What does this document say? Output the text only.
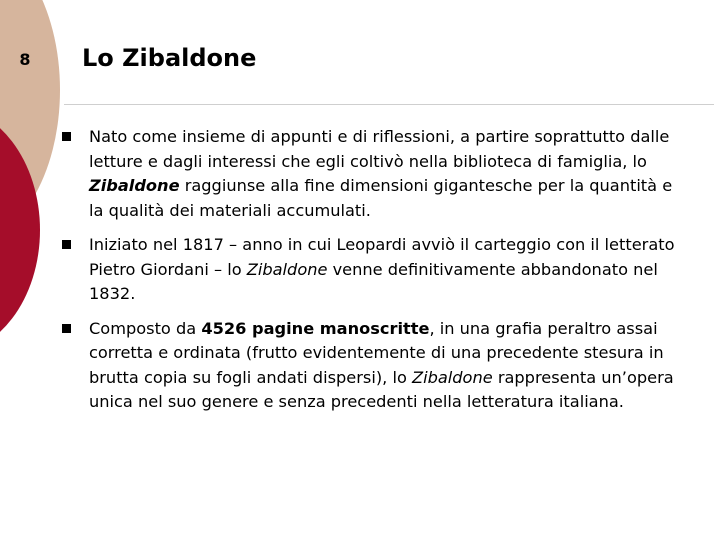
8 Lo Zibaldone
Nato come insieme di appunti e di riflessioni, a partire soprattutto dalle letture e dagli interessi che egli coltivò nella biblioteca di famiglia, lo Zibaldone raggiunse alla fine dimensioni gigantesche per la quantità e la qualità dei materiali accumulati.
Iniziato nel 1817 – anno in cui Leopardi avviò il carteggio con il letterato Pietro Giordani – lo Zibaldone venne definitivamente abbandonato nel 1832.
Composto da 4526 pagine manoscritte, in una grafia peraltro assai corretta e ordinata (frutto evidentemente di una precedente stesura in brutta copia su fogli andati dispersi), lo Zibaldone rappresenta un’opera unica nel suo genere e senza precedenti nella letteratura italiana.
